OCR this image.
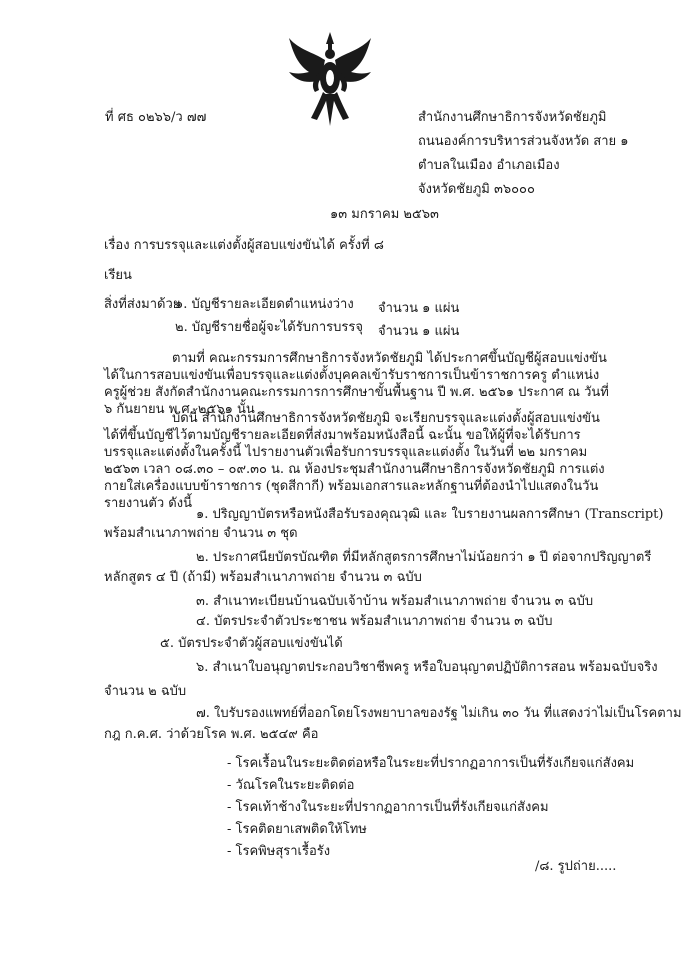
ที่ ศธ ๐๒๖๖/ว ๗๗	สำนักงานศึกษาธิการจังหวัดชัยภูมิ
ถนนองค์การบริหารส่วนจังหวัด สาย ๑
ตำบลในเมือง อำเภอเมือง
จังหวัดชัยภูมิ ๓๖๐๐๐
๑๓ มกราคม ๒๕๖๓
เรื่อง การบรรจุและแต่งตั้งผู้สอบแข่งขันได้ ครั้งที่ ๘
เรียน
สิ่งที่ส่งมาด้วย
๑. บัญชีรายละเอียดตำแหน่งว่าง จำนวน ๑ แผ่น
๒. บัญชีรายชื่อผู้จะได้รับการบรรจุ จำนวน ๑ แผ่น
ตามที่ คณะกรรมการศึกษาธิการจังหวัดชัยภูมิ ได้ประกาศขึ้นบัญชีผู้สอบแข่งขันได้ในการสอบแข่งขันเพื่อบรรจุและแต่งตั้งบุคคลเข้ารับราชการเป็นข้าราชการครู ตำแหน่งครูผู้ช่วย สังกัดสำนักงานคณะกรรมการการศึกษาขั้นพื้นฐาน ปี พ.ศ. ๒๕๖๑ ประกาศ ณ วันที่ ๖ กันยายน พ.ศ. ๒๕๖๑ นั้น
บัดนี้ สำนักงานศึกษาธิการจังหวัดชัยภูมิ จะเรียกบรรจุและแต่งตั้งผู้สอบแข่งขันได้ที่ขึ้นบัญชีไว้ตามบัญชีรายละเอียดที่ส่งมาพร้อมหนังสือนี้ ฉะนั้น ขอให้ผู้ที่จะได้รับการบรรจุและแต่งตั้งในครั้งนี้ ไปรายงานตัวเพื่อรับการบรรจุและแต่งตั้ง ในวันที่ ๒๒ มกราคม ๒๕๖๓ เวลา ๐๘.๓๐ – ๐๙.๓๐ น. ณ ห้องประชุมสำนักงานศึกษาธิการจังหวัดชัยภูมิ การแต่งกายใส่เครื่องแบบข้าราชการ (ชุดสีกากี) พร้อมเอกสารและหลักฐานที่ต้องนำไปแสดงในวันรายงานตัว ดังนี้
๑. ปริญญาบัตรหรือหนังสือรับรองคุณวุฒิ และ ใบรายงานผลการศึกษา (Transcript)
พร้อมสำเนาภาพถ่าย จำนวน ๓ ชุด
๒. ประกาศนียบัตรบัณฑิต ที่มีหลักสูตรการศึกษาไม่น้อยกว่า ๑ ปี ต่อจากปริญญาตรี
หลักสูตร ๔ ปี (ถ้ามี) พร้อมสำเนาภาพถ่าย จำนวน ๓ ฉบับ
๓. สำเนาทะเบียนบ้านฉบับเจ้าบ้าน พร้อมสำเนาภาพถ่าย จำนวน ๓ ฉบับ
๔. บัตรประจำตัวประชาชน พร้อมสำเนาภาพถ่าย จำนวน ๓ ฉบับ
๕. บัตรประจำตัวผู้สอบแข่งขันได้
๖. สำเนาใบอนุญาตประกอบวิชาชีพครู หรือใบอนุญาตปฏิบัติการสอน พร้อมฉบับจริง
จำนวน ๒ ฉบับ
๗. ใบรับรองแพทย์ที่ออกโดยโรงพยาบาลของรัฐ ไม่เกิน ๓๐ วัน ที่แสดงว่าไม่เป็นโรคตาม
กฎ ก.ค.ศ. ว่าด้วยโรค พ.ศ. ๒๕๔๙ คือ
- โรคเรื้อนในระยะติดต่อหรือในระยะที่ปรากฏอาการเป็นที่รังเกียจแก่สังคม
- วัณโรคในระยะติดต่อ
- โรคเท้าช้างในระยะที่ปรากฏอาการเป็นที่รังเกียจแก่สังคม
- โรคติดยาเสพติดให้โทษ
- โรคพิษสุราเรื้อรัง
/๘. รูปถ่าย.....
